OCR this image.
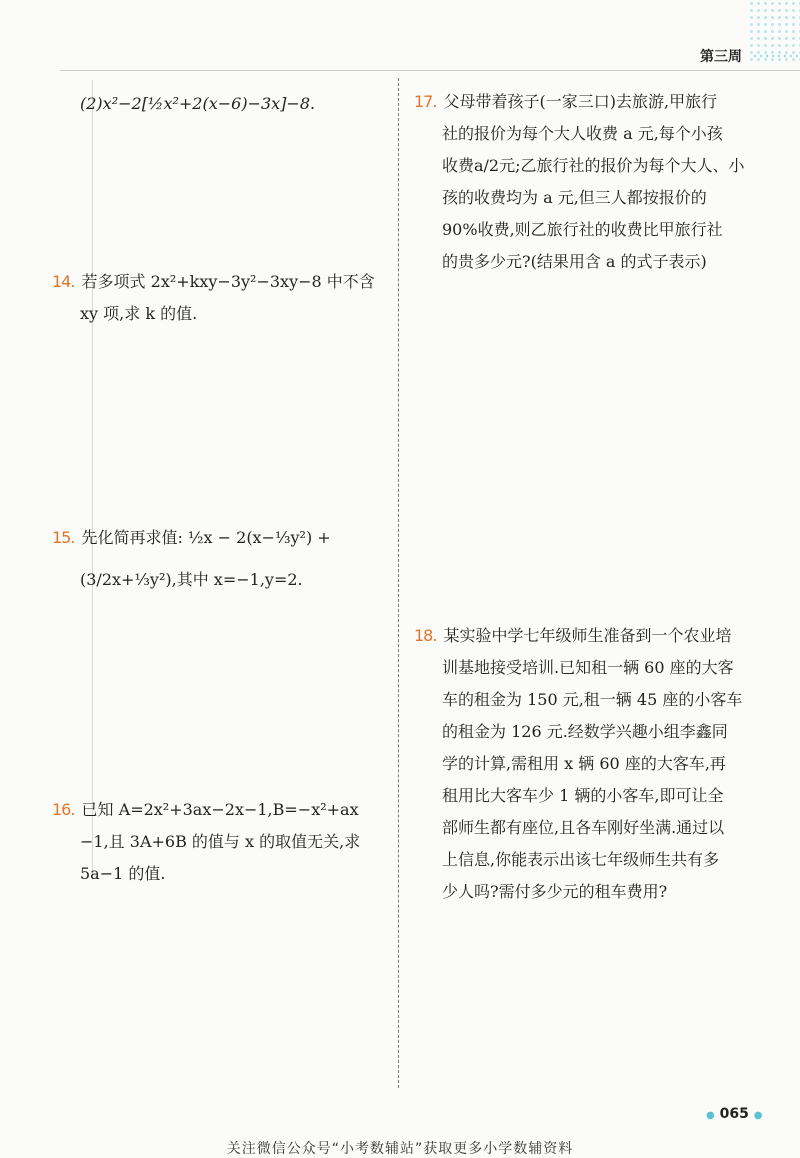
第三周
(2)x²−2[½x²+2(x−6)−3x]−8.
14. 若多项式 2x²+kxy−3y²−3xy−8 中不含
xy 项,求 k 的值.
15. 先化简再求值: ½x − 2(x−⅓y²) +
(3/2x+⅓y²),其中 x=−1,y=2.
16. 已知 A=2x²+3ax−2x−1,B=−x²+ax
−1,且 3A+6B 的值与 x 的取值无关,求
5a−1 的值.
17. 父母带着孩子(一家三口)去旅游,甲旅行
社的报价为每个大人收费 a 元,每个小孩
收费a/2元;乙旅行社的报价为每个大人、小
孩的收费均为 a 元,但三人都按报价的
90%收费,则乙旅行社的收费比甲旅行社
的贵多少元?(结果用含 a 的式子表示)
18. 某实验中学七年级师生准备到一个农业培
训基地接受培训.已知租一辆 60 座的大客
车的租金为 150 元,租一辆 45 座的小客车
的租金为 126 元.经数学兴趣小组李鑫同
学的计算,需租用 x 辆 60 座的大客车,再
租用比大客车少 1 辆的小客车,即可让全
部师生都有座位,且各车刚好坐满.通过以
上信息,你能表示出该七年级师生共有多
少人吗?需付多少元的租车费用?
● 065 ●
关注微信公众号“小考数辅站”获取更多小学数辅资料
